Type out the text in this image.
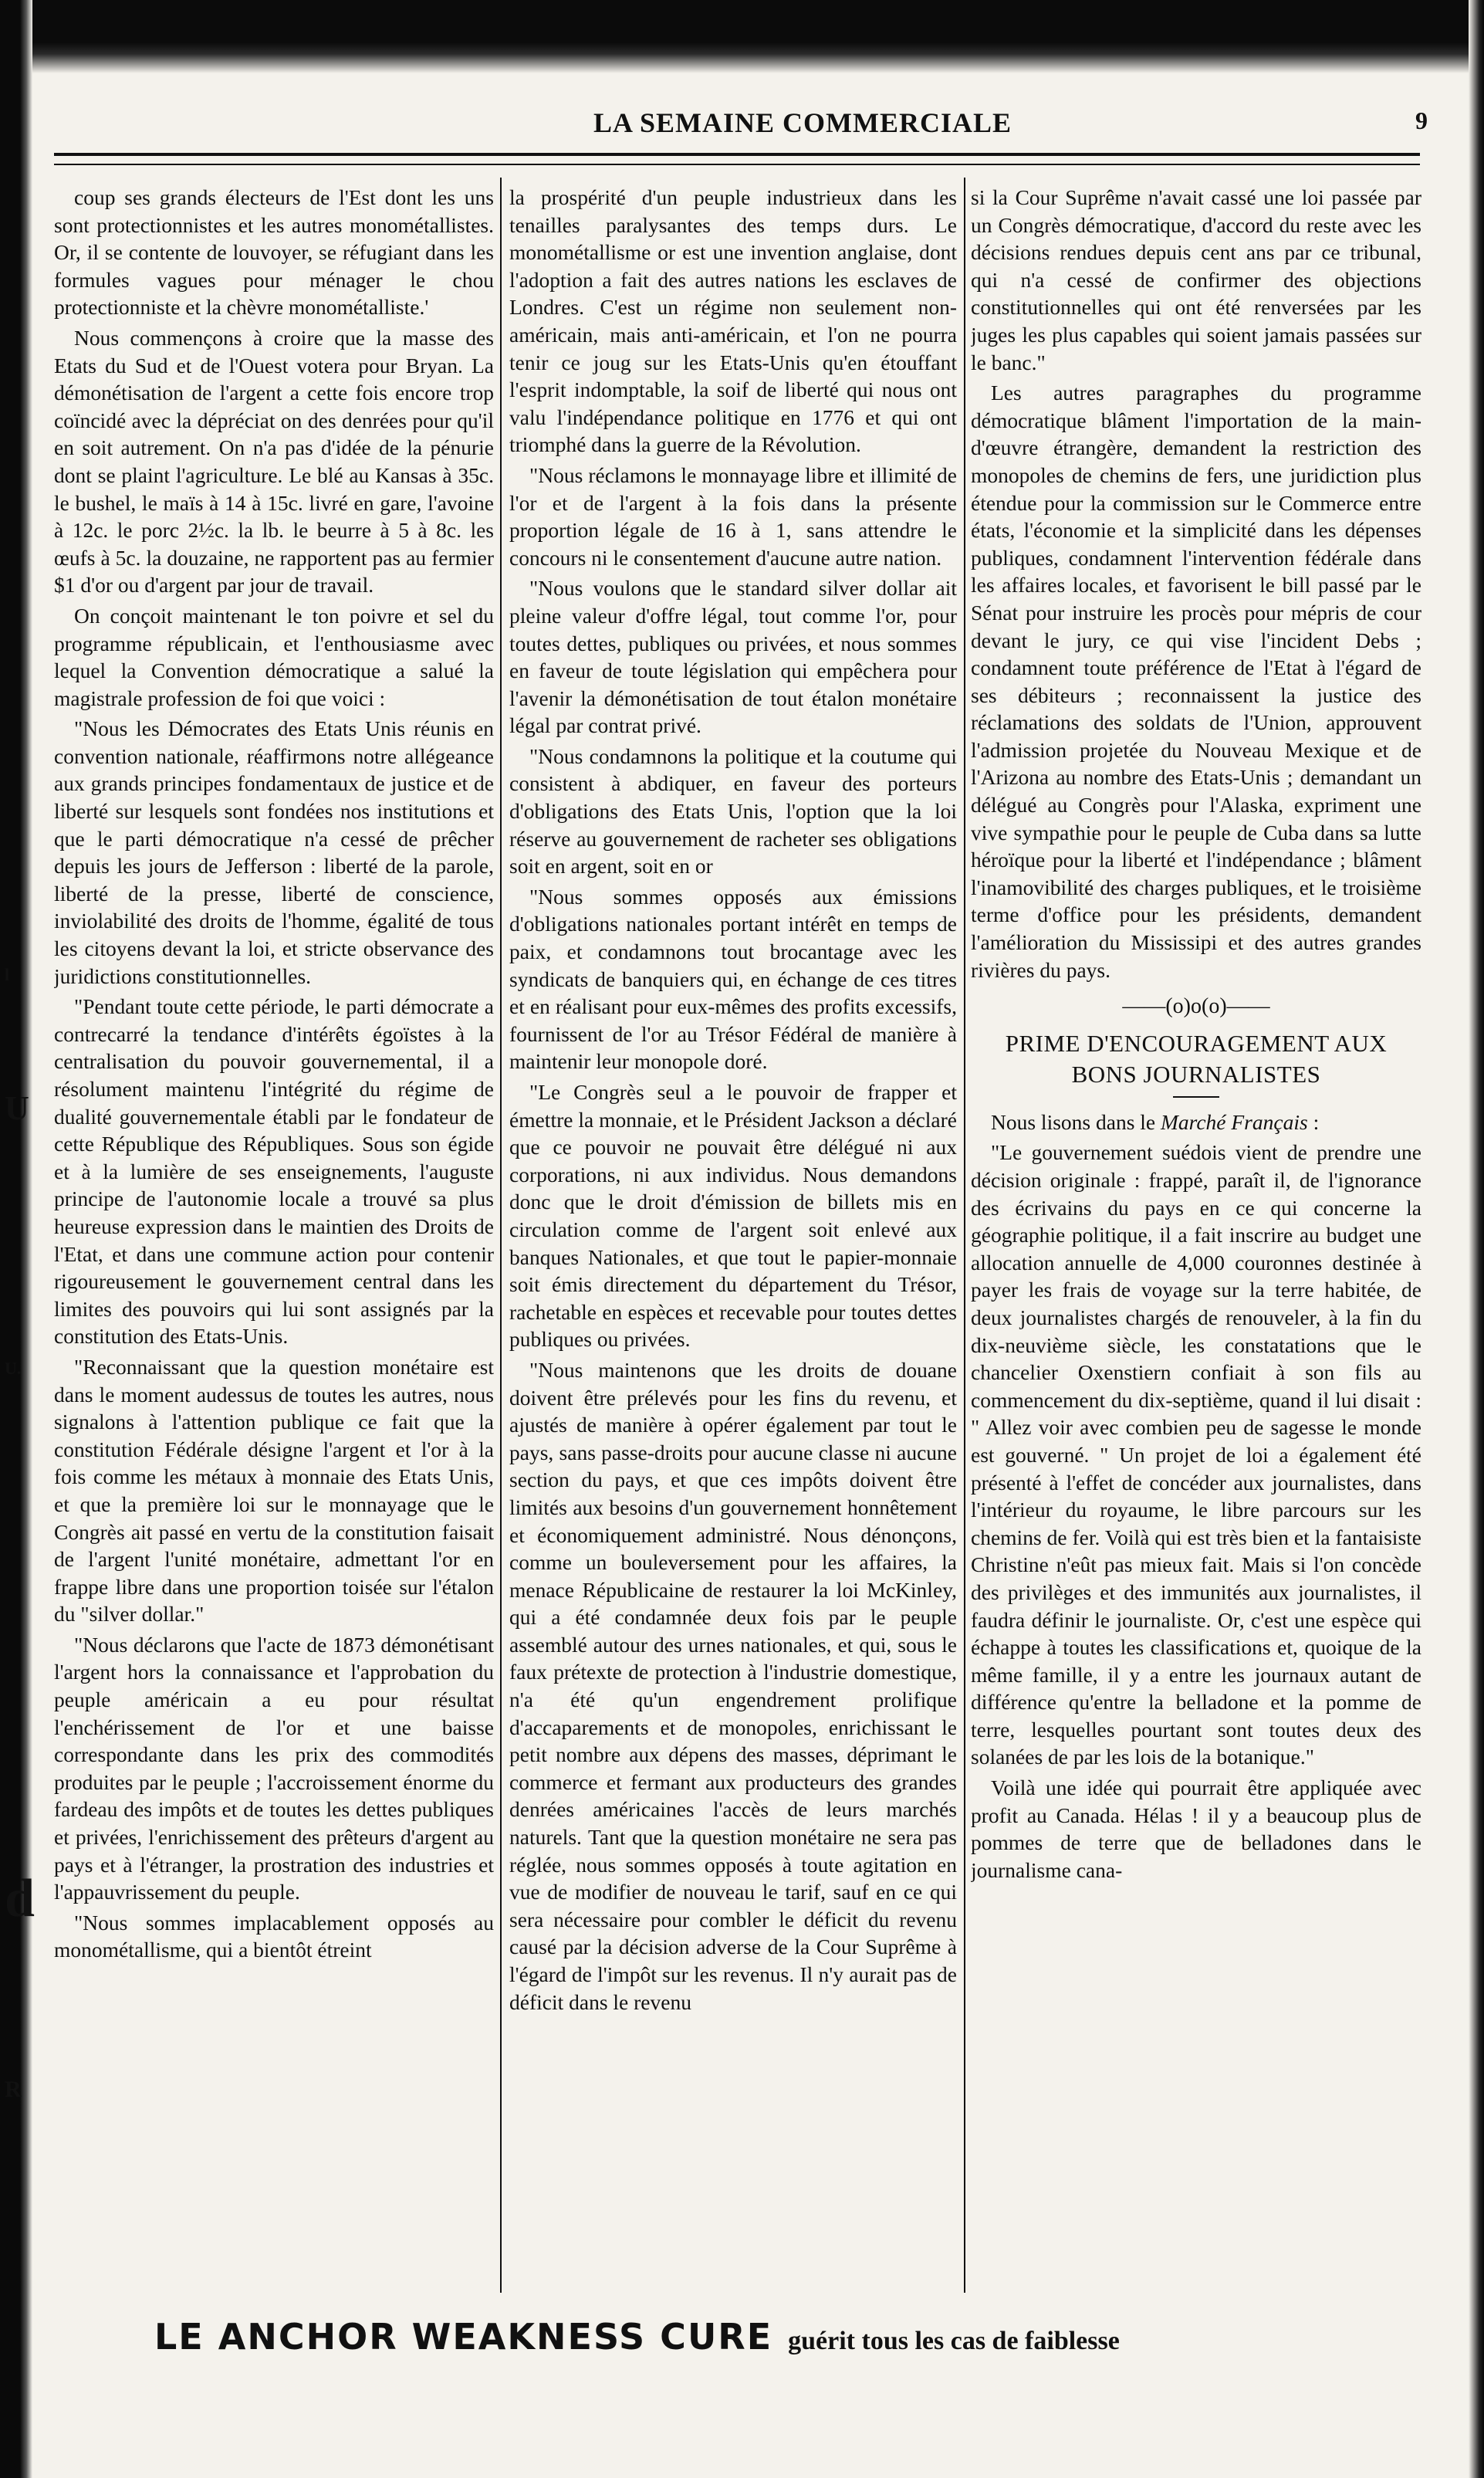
l
U
U.
d
R
LA SEMAINE COMMERCIALE	9

coup ses grands électeurs de l'Est dont les uns sont protectionnistes et les autres monométallistes. Or, il se contente de louvoyer, se réfugiant dans les formules vagues pour ménager le chou protectionniste et la chèvre monométalliste.'

Nous commençons à croire que la masse des Etats du Sud et de l'Ouest votera pour Bryan. La démonétisation de l'argent a cette fois encore trop coïncidé avec la dépréciat on des denrées pour qu'il en soit autrement. On n'a pas d'idée de la pénurie dont se plaint l'agriculture. Le blé au Kansas à 35c. le bushel, le maïs à 14 à 15c. livré en gare, l'avoine à 12c. le porc 2½c. la lb. le beurre à 5 à 8c. les œufs à 5c. la douzaine, ne rapportent pas au fermier $1 d'or ou d'argent par jour de travail.

On conçoit maintenant le ton poivre et sel du programme républicain, et l'enthousiasme avec lequel la Convention démocratique a salué la magistrale profession de foi que voici :

"Nous les Démocrates des Etats Unis réunis en convention nationale, réaffirmons notre allégeance aux grands principes fondamentaux de justice et de liberté sur lesquels sont fondées nos institutions et que le parti démocratique n'a cessé de prêcher depuis les jours de Jefferson : liberté de la parole, liberté de la presse, liberté de conscience, inviolabilité des droits de l'homme, égalité de tous les citoyens devant la loi, et stricte observance des juridictions constitutionnelles.

"Pendant toute cette période, le parti démocrate a contrecarré la tendance d'intérêts égoïstes à la centralisation du pouvoir gouvernemental, il a résolument maintenu l'intégrité du régime de dualité gouvernementale établi par le fondateur de cette République des Républiques. Sous son égide et à la lumière de ses enseignements, l'auguste principe de l'autonomie locale a trouvé sa plus heureuse expression dans le maintien des Droits de l'Etat, et dans une commune action pour contenir rigoureusement le gouvernement central dans les limites des pouvoirs qui lui sont assignés par la constitution des Etats-Unis.

"Reconnaissant que la question monétaire est dans le moment audessus de toutes les autres, nous signalons à l'attention publique ce fait que la constitution Fédérale désigne l'argent et l'or à la fois comme les métaux à monnaie des Etats Unis, et que la première loi sur le monnayage que le Congrès ait passé en vertu de la constitution faisait de l'argent l'unité monétaire, admettant l'or en frappe libre dans une proportion toisée sur l'étalon du "silver dollar."

"Nous déclarons que l'acte de 1873 démonétisant l'argent hors la connaissance et l'approbation du peuple américain a eu pour résultat l'enchérissement de l'or et une baisse correspondante dans les prix des commodités produites par le peuple ; l'accroissement énorme du fardeau des impôts et de toutes les dettes publiques et privées, l'enrichissement des prêteurs d'argent au pays et à l'étranger, la prostration des industries et l'appauvrissement du peuple.

"Nous sommes implacablement opposés au monométallisme, qui a bientôt étreint

la prospérité d'un peuple industrieux dans les tenailles paralysantes des temps durs. Le monométallisme or est une invention anglaise, dont l'adoption a fait des autres nations les esclaves de Londres. C'est un régime non seulement non-américain, mais anti-américain, et l'on ne pourra tenir ce joug sur les Etats-Unis qu'en étouffant l'esprit indomptable, la soif de liberté qui nous ont valu l'indépendance politique en 1776 et qui ont triomphé dans la guerre de la Révolution.

"Nous réclamons le monnayage libre et illimité de l'or et de l'argent à la fois dans la présente proportion légale de 16 à 1, sans attendre le concours ni le consentement d'aucune autre nation.

"Nous voulons que le standard silver dollar ait pleine valeur d'offre légal, tout comme l'or, pour toutes dettes, publiques ou privées, et nous sommes en faveur de toute législation qui empêchera pour l'avenir la démonétisation de tout étalon monétaire légal par contrat privé.

"Nous condamnons la politique et la coutume qui consistent à abdiquer, en faveur des porteurs d'obligations des Etats Unis, l'option que la loi réserve au gouvernement de racheter ses obligations soit en argent, soit en or

"Nous sommes opposés aux émissions d'obligations nationales portant intérêt en temps de paix, et condamnons tout brocantage avec les syndicats de banquiers qui, en échange de ces titres et en réalisant pour eux-mêmes des profits excessifs, fournissent de l'or au Trésor Fédéral de manière à maintenir leur monopole doré.

"Le Congrès seul a le pouvoir de frapper et émettre la monnaie, et le Président Jackson a déclaré que ce pouvoir ne pouvait être délégué ni aux corporations, ni aux individus. Nous demandons donc que le droit d'émission de billets mis en circulation comme de l'argent soit enlevé aux banques Nationales, et que tout le papier-monnaie soit émis directement du département du Trésor, rachetable en espèces et recevable pour toutes dettes publiques ou privées.

"Nous maintenons que les droits de douane doivent être prélevés pour les fins du revenu, et ajustés de manière à opérer également par tout le pays, sans passe-droits pour aucune classe ni aucune section du pays, et que ces impôts doivent être limités aux besoins d'un gouvernement honnêtement et économiquement administré. Nous dénonçons, comme un bouleversement pour les affaires, la menace Républicaine de restaurer la loi McKinley, qui a été condamnée deux fois par le peuple assemblé autour des urnes nationales, et qui, sous le faux prétexte de protection à l'industrie domestique, n'a été qu'un engendrement prolifique d'accaparements et de monopoles, enrichissant le petit nombre aux dépens des masses, déprimant le commerce et fermant aux producteurs des grandes denrées américaines l'accès de leurs marchés naturels. Tant que la question monétaire ne sera pas réglée, nous sommes opposés à toute agitation en vue de modifier de nouveau le tarif, sauf en ce qui sera nécessaire pour combler le déficit du revenu causé par la décision adverse de la Cour Suprême à l'égard de l'impôt sur les revenus. Il n'y aurait pas de déficit dans le revenu

si la Cour Suprême n'avait cassé une loi passée par un Congrès démocratique, d'accord du reste avec les décisions rendues depuis cent ans par ce tribunal, qui n'a cessé de confirmer des objections constitutionnelles qui ont été renversées par les juges les plus capables qui soient jamais passées sur le banc."

Les autres paragraphes du programme démocratique blâment l'importation de la main-d'œuvre étrangère, demandent la restriction des monopoles de chemins de fers, une juridiction plus étendue pour la commission sur le Commerce entre états, l'économie et la simplicité dans les dépenses publiques, condamnent l'intervention fédérale dans les affaires locales, et favorisent le bill passé par le Sénat pour instruire les procès pour mépris de cour devant le jury, ce qui vise l'incident Debs ; condamnent toute préférence de l'Etat à l'égard de ses débiteurs ; reconnaissent la justice des réclamations des soldats de l'Union, approuvent l'admission projetée du Nouveau Mexique et de l'Arizona au nombre des Etats-Unis ; demandant un délégué au Congrès pour l'Alaska, expriment une vive sympathie pour le peuple de Cuba dans sa lutte héroïque pour la liberté et l'indépendance ; blâment l'inamovibilité des charges publiques, et le troisième terme d'office pour les présidents, demandent l'amélioration du Mississipi et des autres grandes rivières du pays.

——(o)o(o)——
PRIME D'ENCOURAGEMENT AUX BONS JOURNALISTES

Nous lisons dans le Marché Français :

"Le gouvernement suédois vient de prendre une décision originale : frappé, paraît il, de l'ignorance des écrivains du pays en ce qui concerne la géographie politique, il a fait inscrire au budget une allocation annuelle de 4,000 couronnes destinée à payer les frais de voyage sur la terre habitée, de deux journalistes chargés de renouveler, à la fin du dix-neuvième siècle, les constatations que le chancelier Oxenstiern confiait à son fils au commencement du dix-septième, quand il lui disait : " Allez voir avec combien peu de sagesse le monde est gouverné. " Un projet de loi a également été présenté à l'effet de concéder aux journalistes, dans l'intérieur du royaume, le libre parcours sur les chemins de fer. Voilà qui est très bien et la fantaisiste Christine n'eût pas mieux fait. Mais si l'on concède des privilèges et des immunités aux journalistes, il faudra définir le journaliste. Or, c'est une espèce qui échappe à toutes les classifications et, quoique de la même famille, il y a entre les journaux autant de différence qu'entre la belladone et la pomme de terre, lesquelles pourtant sont toutes deux des solanées de par les lois de la botanique."

Voilà une idée qui pourrait être appliquée avec profit au Canada. Hélas ! il y a beaucoup plus de pommes de terre que de belladones dans le journalisme cana-

LE ANCHOR WEAKNESS CURE guérit tous les cas de faiblesse
